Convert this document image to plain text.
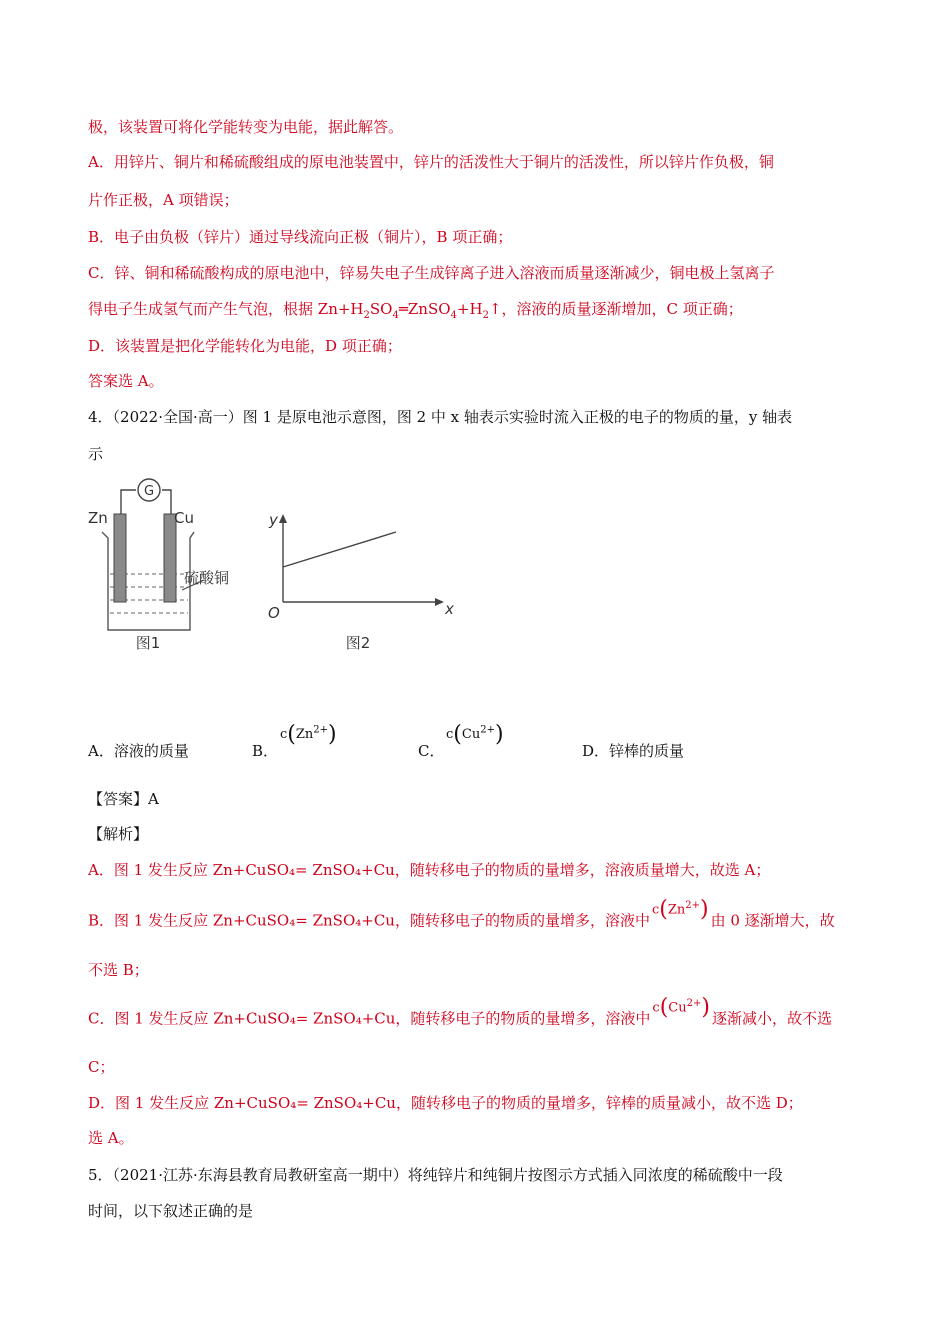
极，该装置可将化学能转变为电能，据此解答。
A．用锌片、铜片和稀硫酸组成的原电池装置中，锌片的活泼性大于铜片的活泼性，所以锌片作负极，铜
片作正极，A 项错误；
B．电子由负极（锌片）通过导线流向正极（铜片），B 项正确；
C．锌、铜和稀硫酸构成的原电池中，锌易失电子生成锌离子进入溶液而质量逐渐减少，铜电极上氢离子
得电子生成氢气而产生气泡，根据 $Zn+H_2SO_4═ZnSO_4+H_2↑$，溶液的质量逐渐增加，C 项正确；
D．该装置是把化学能转化为电能，D 项正确；
答案选 A。
4．（2022·全国·高一）图 1 是原电池示意图，图 2 中 x 轴表示实验时流入正极的电子的物质的量，y 轴表
示
G
Zn	Cu
硫酸铜
图1
y
x
O
图2
A．溶液的质量	B．
$c(Zn^{2+})$
C．
$c(Cu^{2+})$
D．锌棒的质量
【答案】A
【解析】
A．图 1 发生反应 Zn+CuSO₄= ZnSO₄+Cu，随转移电子的物质的量增多，溶液质量增大，故选 A；
B．图 1 发生反应 Zn+CuSO₄= ZnSO₄+Cu，随转移电子的物质的量增多，溶液中$c(Zn^{2+})$ 由 0 逐渐增大，故
不选 B；
C．图 1 发生反应 Zn+CuSO₄= ZnSO₄+Cu，随转移电子的物质的量增多，溶液中$c(Cu^{2+})$ 逐渐减小，故不选
C；
D．图 1 发生反应 Zn+CuSO₄= ZnSO₄+Cu，随转移电子的物质的量增多，锌棒的质量减小，故不选 D；
选 A。
5．（2021·江苏·东海县教育局教研室高一期中）将纯锌片和纯铜片按图示方式插入同浓度的稀硫酸中一段
时间，以下叙述正确的是
